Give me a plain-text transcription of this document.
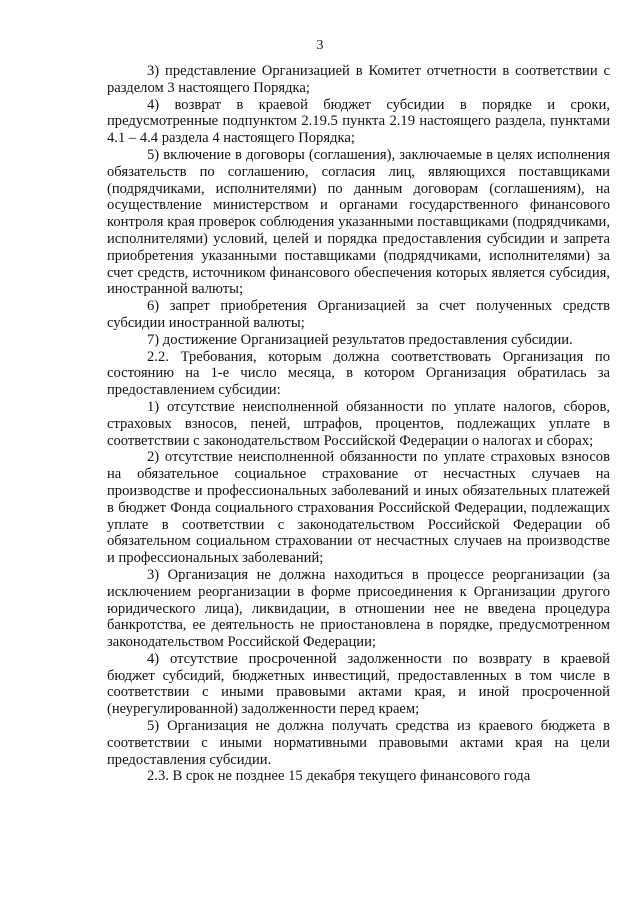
3

3) представление Организацией в Комитет отчетности в соответствии с разделом 3 настоящего Порядка;

4) возврат в краевой бюджет субсидии в порядке и сроки, предусмотренные подпунктом 2.19.5 пункта 2.19 настоящего раздела, пунктами 4.1 – 4.4 раздела 4 настоящего Порядка;

5) включение в договоры (соглашения), заключаемые в целях исполнения обязательств по соглашению, согласия лиц, являющихся поставщиками (подрядчиками, исполнителями) по данным договорам (соглашениям), на осуществление министерством и органами государственного финансового контроля края проверок соблюдения указанными поставщиками (подрядчиками, исполнителями) условий, целей и порядка предоставления субсидии и запрета приобретения указанными поставщиками (подрядчиками, исполнителями) за счет средств, источником финансового обеспечения которых является субсидия, иностранной валюты;

6) запрет приобретения Организацией за счет полученных средств субсидии иностранной валюты;

7) достижение Организацией результатов предоставления субсидии.

2.2. Требования, которым должна соответствовать Организация по состоянию на 1-е число месяца, в котором Организация обратилась за предоставлением субсидии:

1) отсутствие неисполненной обязанности по уплате налогов, сборов, страховых взносов, пеней, штрафов, процентов, подлежащих уплате в соответствии с законодательством Российской Федерации о налогах и сборах;

2) отсутствие неисполненной обязанности по уплате страховых взносов на обязательное социальное страхование от несчастных случаев на производстве и профессиональных заболеваний и иных обязательных платежей в бюджет Фонда социального страхования Российской Федерации, подлежащих уплате в соответствии с законодательством Российской Федерации об обязательном социальном страховании от несчастных случаев на производстве и профессиональных заболеваний;

3) Организация не должна находиться в процессе реорганизации (за исключением реорганизации в форме присоединения к Организации другого юридического лица), ликвидации, в отношении нее не введена процедура банкротства, ее деятельность не приостановлена в порядке, предусмотренном законодательством Российской Федерации;

4) отсутствие просроченной задолженности по возврату в краевой бюджет субсидий, бюджетных инвестиций, предоставленных в том числе в соответствии с иными правовыми актами края, и иной просроченной (неурегулированной) задолженности перед краем;

5) Организация не должна получать средства из краевого бюджета в соответствии с иными нормативными правовыми актами края на цели предоставления субсидии.

2.3. В срок не позднее 15 декабря текущего финансового года
